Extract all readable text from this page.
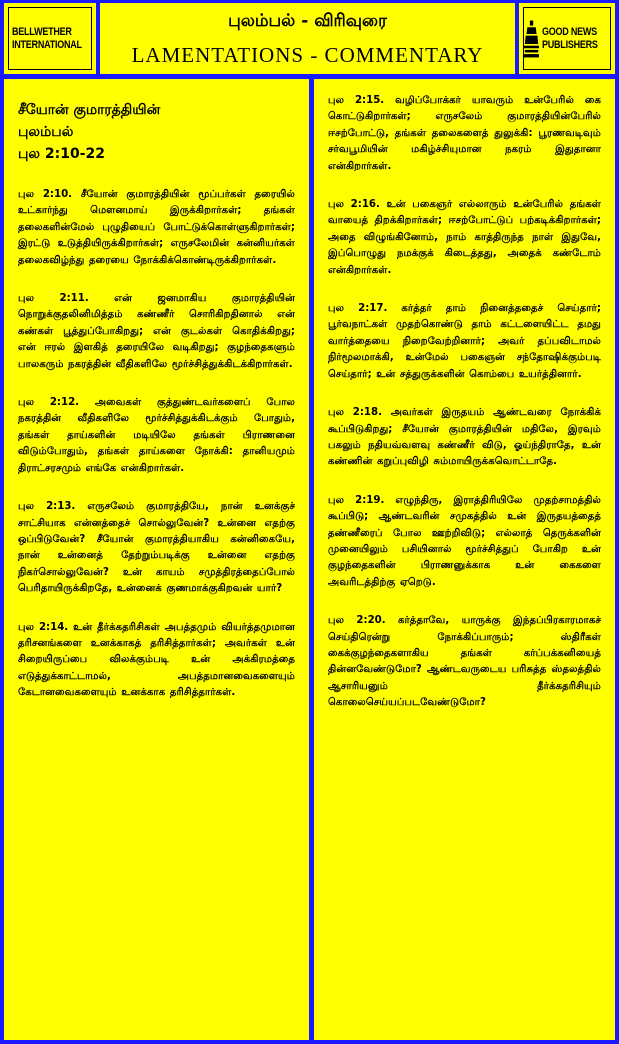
BELLWETHER
INTERNATIONAL
புலம்பல் - விரிவுரை
LAMENTATIONS - COMMENTARY
GOOD NEWS
PUBLISHERS
சீயோன் குமாரத்தியின்
புலம்பல்
புல 2:10-22

புல 2:10. சீயோன் குமாரத்தியின் மூப்பர்கள் தரையில் உட்கார்ந்து மௌனமாய் இருக்கிறார்கள்; தங்கள் தலைகளின்மேல் புழுதியைப் போட்டுக்கொள்ளுகிறார்கள்; இரட்டு உடுத்தியிருக்கிறார்கள்; எருசலேமின் கன்னியர்கள் தலைகவிழ்ந்து தரையை நோக்கிக்கொண்டிருக்கிறார்கள்.

புல 2:11. என் ஜனமாகிய குமாரத்தியின் நொறுக்குதலினிமித்தம் கண்ணீர் சொரிகிறதினால் என் கண்கள் பூத்துப்போகிறது; என் குடல்கள் கொதிக்கிறது; என் ஈரல் இளகித் தரையிலே வடிகிறது; குழந்தைகளும் பாலகரும் நகரத்தின் வீதிகளிலே மூர்ச்சித்துக்கிடக்கிறார்கள்.

புல 2:12. அவைகள் குத்துண்டவர்களைப் போல நகரத்தின் வீதிகளிலே மூர்ச்சித்துக்கிடக்கும் போதும், தங்கள் தாய்களின் மடியிலே தங்கள் பிராணனை விடும்போதும், தங்கள் தாய்களை நோக்கி: தானியமும் திராட்சரசமும் எங்கே என்கிறார்கள்.

புல 2:13. எருசலேம் குமாரத்தியே, நான் உனக்குச் சாட்சியாக என்னத்தைச் சொல்லுவேன்? உன்னை எதற்கு ஒப்பிடுவேன்? சீயோன் குமாரத்தியாகிய கன்னிகையே, நான் உன்னைத் தேற்றும்படிக்கு உன்னை எதற்கு நிகர்சொல்லுவேன்? உன் காயம் சமுத்திரத்தைப்போல் பெரிதாயிருக்கிறதே, உன்னைக் குணமாக்குகிறவன் யார்?

புல 2:14. உன் தீர்க்கதரிசிகள் அபத்தமும் வியர்த்தமுமான தரிசனங்களை உனக்காகத் தரிசித்தார்கள்; அவர்கள் உன் சிறையிருப்பை விலக்கும்படி உன் அக்கிரமத்தை எடுத்துக்காட்டாமல், அபத்தமானவைகளையும் கேடானவைகளையும் உனக்காக தரிசித்தார்கள்.

புல 2:15. வழிப்போக்கர் யாவரும் உன்பேரில் கை கொட்டுகிறார்கள்; எருசலேம் குமாரத்தியின்பேரில் ஈசற்போட்டு, தங்கள் தலைகளைத் துலுக்கி: பூரணவடிவும் சர்வபூமியின் மகிழ்ச்சியுமான நகரம் இதுதானா என்கிறார்கள்.

புல 2:16. உன் பகைஞர் எல்லாரும் உன்பேரில் தங்கள் வாயைத் திறக்கிறார்கள்; ஈசற்போட்டுப் பற்கடிக்கிறார்கள்; அதை விழுங்கினோம், நாம் காத்திருந்த நாள் இதுவே, இப்பொழுது நமக்குக் கிடைத்தது, அதைக் கண்டோம் என்கிறார்கள்.

புல 2:17. கர்த்தர் தாம் நினைத்ததைச் செய்தார்; பூர்வநாட்கள் முதற்கொண்டு தாம் கட்டளையிட்ட தமது வார்த்தையை நிறைவேற்றினார்; அவர் தப்பவிடாமல் நிர்மூலமாக்கி, உன்மேல் பகைஞன் சந்தோஷிக்கும்படி செய்தார்; உன் சத்துருக்களின் கொம்பை உயர்த்தினார்.

புல 2:18. அவர்கள் இருதயம் ஆண்டவரை நோக்கிக் கூப்பிடுகிறது; சீயோன் குமாரத்தியின் மதிலே, இரவும் பகலும் நதியவ்வளவு கண்ணீர் விடு, ஓய்ந்திராதே, உன் கண்ணின் கறுப்புவிழி சும்மாயிருக்கவொட்டாதே.

புல 2:19. எழுந்திரு, இராத்திரியிலே முதற்சாமத்தில் கூப்பிடு; ஆண்டவரின் சமுகத்தில் உன் இருதயத்தைத் தண்ணீரைப் போல ஊற்றிவிடு; எல்லாத் தெருக்களின் முனையிலும் பசியினால் மூர்ச்சித்துப் போகிற உன் குழந்தைகளின் பிராணனுக்காக உன் கைகளை அவரிடத்திற்கு ஏறெடு.

புல 2:20. கர்த்தாவே, யாருக்கு இந்தப்பிரகாரமாகச் செய்திரென்று நோக்கிப்பாரும்; ஸ்திரீகள் கைக்குழந்தைகளாகிய தங்கள் கர்ப்பக்கனியைத் தின்னவேண்டுமோ? ஆண்டவருடைய பரிசுத்த ஸ்தலத்தில் ஆசாரியனும் தீர்க்கதரிசியும் கொலைசெய்யப்படவேண்டுமோ?
